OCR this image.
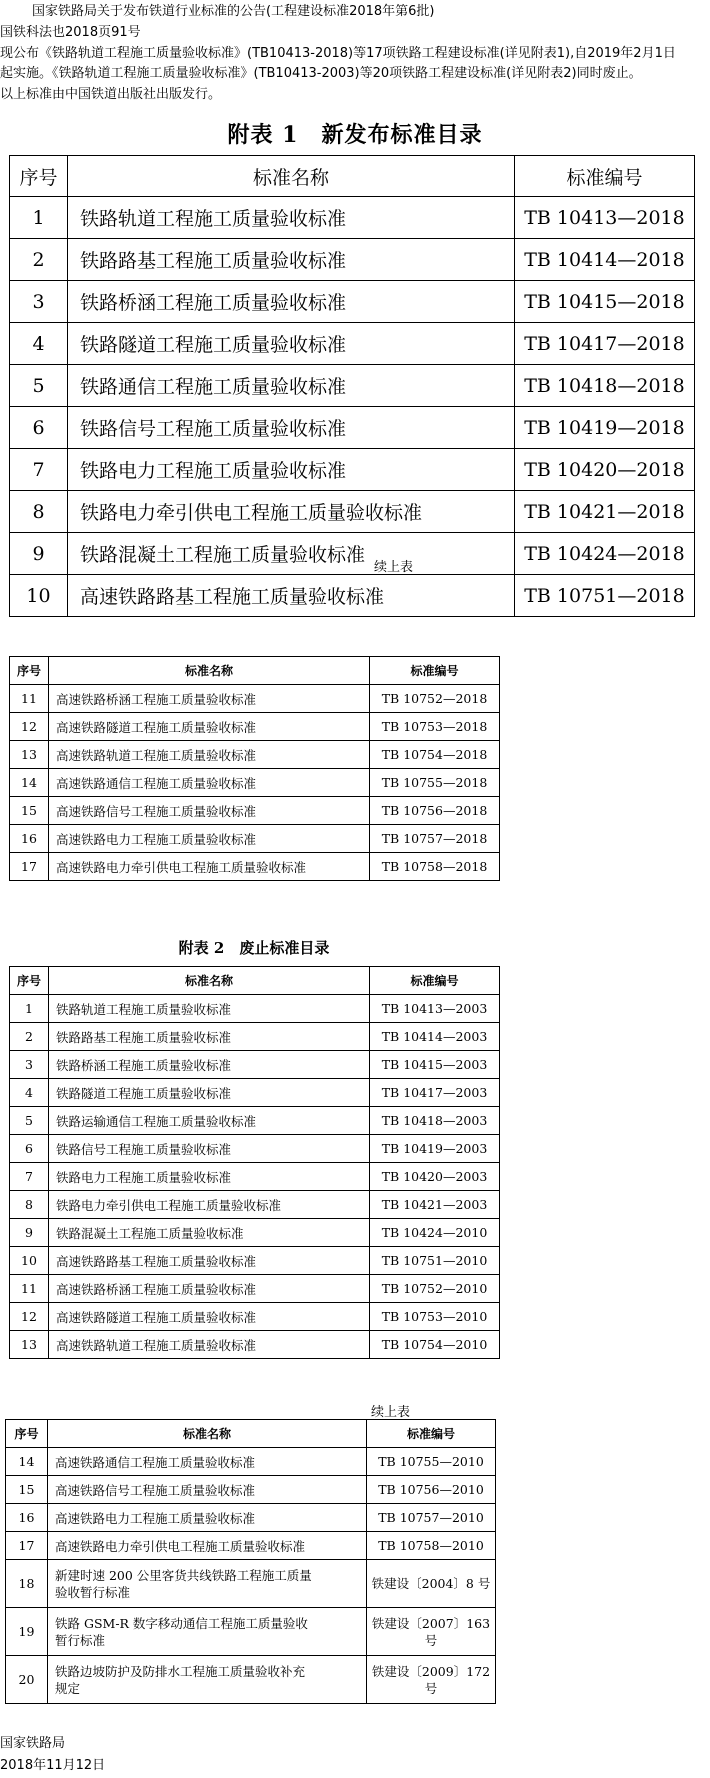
国家铁路局关于发布铁道行业标准的公告(工程建设标准2018年第6批)
国铁科法也2018页91号
现公布《铁路轨道工程施工质量验收标准》(TB10413-2018)等17项铁路工程建设标准(详见附表1),自2019年2月1日
起实施。《铁路轨道工程施工质量验收标准》(TB10413-2003)等20项铁路工程建设标准(详见附表2)同时废止。
以上标准由中国铁道出版社出版发行。
附表 1　新发布标准目录
序号	标准名称	标准编号
1	铁路轨道工程施工质量验收标准	TB 10413—2018
2	铁路路基工程施工质量验收标准	TB 10414—2018
3	铁路桥涵工程施工质量验收标准	TB 10415—2018
4	铁路隧道工程施工质量验收标准	TB 10417—2018
5	铁路通信工程施工质量验收标准	TB 10418—2018
6	铁路信号工程施工质量验收标准	TB 10419—2018
7	铁路电力工程施工质量验收标准	TB 10420—2018
8	铁路电力牵引供电工程施工质量验收标准	TB 10421—2018
9	铁路混凝土工程施工质量验收标准	TB 10424—2018
10	高速铁路路基工程施工质量验收标准	TB 10751—2018
续上表
序号	标准名称	标准编号
11	高速铁路桥涵工程施工质量验收标准	TB 10752—2018
12	高速铁路隧道工程施工质量验收标准	TB 10753—2018
13	高速铁路轨道工程施工质量验收标准	TB 10754—2018
14	高速铁路通信工程施工质量验收标准	TB 10755—2018
15	高速铁路信号工程施工质量验收标准	TB 10756—2018
16	高速铁路电力工程施工质量验收标准	TB 10757—2018
17	高速铁路电力牵引供电工程施工质量验收标准	TB 10758—2018
附表 2　废止标准目录
序号	标准名称	标准编号
1	铁路轨道工程施工质量验收标准	TB 10413—2003
2	铁路路基工程施工质量验收标准	TB 10414—2003
3	铁路桥涵工程施工质量验收标准	TB 10415—2003
4	铁路隧道工程施工质量验收标准	TB 10417—2003
5	铁路运输通信工程施工质量验收标准	TB 10418—2003
6	铁路信号工程施工质量验收标准	TB 10419—2003
7	铁路电力工程施工质量验收标准	TB 10420—2003
8	铁路电力牵引供电工程施工质量验收标准	TB 10421—2003
9	铁路混凝土工程施工质量验收标准	TB 10424—2010
10	高速铁路路基工程施工质量验收标准	TB 10751—2010
11	高速铁路桥涵工程施工质量验收标准	TB 10752—2010
12	高速铁路隧道工程施工质量验收标准	TB 10753—2010
13	高速铁路轨道工程施工质量验收标准	TB 10754—2010
续上表
序号	标准名称	标准编号
14	高速铁路通信工程施工质量验收标准	TB 10755—2010
15	高速铁路信号工程施工质量验收标准	TB 10756—2010
16	高速铁路电力工程施工质量验收标准	TB 10757—2010
17	高速铁路电力牵引供电工程施工质量验收标准	TB 10758—2010
18	新建时速 200 公里客货共线铁路工程施工质量
验收暂行标准	铁建设〔2004〕8 号
19	铁路 GSM-R 数字移动通信工程施工质量验收
暂行标准	铁建设〔2007〕163 号
20	铁路边坡防护及防排水工程施工质量验收补充
规定	铁建设〔2009〕172 号
国家铁路局
2018年11月12日
